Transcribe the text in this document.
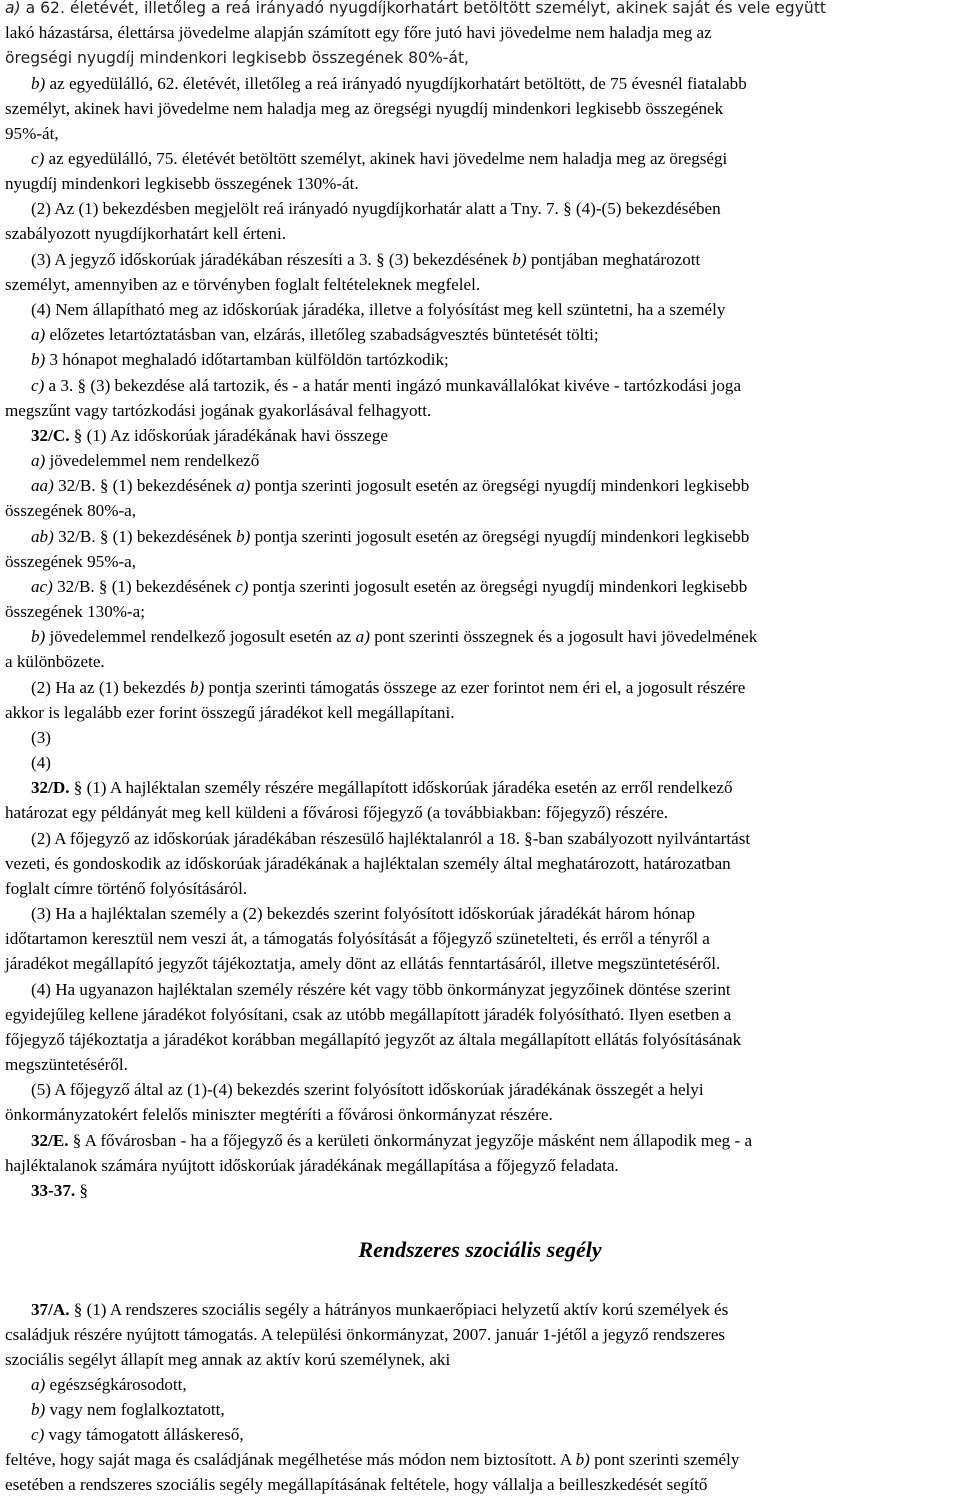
a) a 62. életévét, illetőleg a reá irányadó nyugdíjkorhatárt betöltött személyt, akinek saját és vele együtt
lakó házastársa, élettársa jövedelme alapján számított egy főre jutó havi jövedelme nem haladja meg az
öregségi nyugdíj mindenkori legkisebb összegének 80%-át,
b) az egyedülálló, 62. életévét, illetőleg a reá irányadó nyugdíjkorhatárt betöltött, de 75 évesnél fiatalabb
személyt, akinek havi jövedelme nem haladja meg az öregségi nyugdíj mindenkori legkisebb összegének
95%-át,
c) az egyedülálló, 75. életévét betöltött személyt, akinek havi jövedelme nem haladja meg az öregségi
nyugdíj mindenkori legkisebb összegének 130%-át.
(2) Az (1) bekezdésben megjelölt reá irányadó nyugdíjkorhatár alatt a Tny. 7. § (4)-(5) bekezdésében
szabályozott nyugdíjkorhatárt kell érteni.
(3) A jegyző időskorúak járadékában részesíti a 3. § (3) bekezdésének b) pontjában meghatározott
személyt, amennyiben az e törvényben foglalt feltételeknek megfelel.
(4) Nem állapítható meg az időskorúak járadéka, illetve a folyósítást meg kell szüntetni, ha a személy
a) előzetes letartóztatásban van, elzárás, illetőleg szabadságvesztés büntetését tölti;
b) 3 hónapot meghaladó időtartamban külföldön tartózkodik;
c) a 3. § (3) bekezdése alá tartozik, és - a határ menti ingázó munkavállalókat kivéve - tartózkodási joga
megszűnt vagy tartózkodási jogának gyakorlásával felhagyott.
32/C. § (1) Az időskorúak járadékának havi összege
a) jövedelemmel nem rendelkező
aa) 32/B. § (1) bekezdésének a) pontja szerinti jogosult esetén az öregségi nyugdíj mindenkori legkisebb
összegének 80%-a,
ab) 32/B. § (1) bekezdésének b) pontja szerinti jogosult esetén az öregségi nyugdíj mindenkori legkisebb
összegének 95%-a,
ac) 32/B. § (1) bekezdésének c) pontja szerinti jogosult esetén az öregségi nyugdíj mindenkori legkisebb
összegének 130%-a;
b) jövedelemmel rendelkező jogosult esetén az a) pont szerinti összegnek és a jogosult havi jövedelmének
a különbözete.
(2) Ha az (1) bekezdés b) pontja szerinti támogatás összege az ezer forintot nem éri el, a jogosult részére
akkor is legalább ezer forint összegű járadékot kell megállapítani.
(3)
(4)
32/D. § (1) A hajléktalan személy részére megállapított időskorúak járadéka esetén az erről rendelkező
határozat egy példányát meg kell küldeni a fővárosi főjegyző (a továbbiakban: főjegyző) részére.
(2) A főjegyző az időskorúak járadékában részesülő hajléktalanról a 18. §-ban szabályozott nyilvántartást
vezeti, és gondoskodik az időskorúak járadékának a hajléktalan személy által meghatározott, határozatban
foglalt címre történő folyósításáról.
(3) Ha a hajléktalan személy a (2) bekezdés szerint folyósított időskorúak járadékát három hónap
időtartamon keresztül nem veszi át, a támogatás folyósítását a főjegyző szünetelteti, és erről a tényről a
járadékot megállapító jegyzőt tájékoztatja, amely dönt az ellátás fenntartásáról, illetve megszüntetéséről.
(4) Ha ugyanazon hajléktalan személy részére két vagy több önkormányzat jegyzőinek döntése szerint
egyidejűleg kellene járadékot folyósítani, csak az utóbb megállapított járadék folyósítható. Ilyen esetben a
főjegyző tájékoztatja a járadékot korábban megállapító jegyzőt az általa megállapított ellátás folyósításának
megszüntetéséről.
(5) A főjegyző által az (1)-(4) bekezdés szerint folyósított időskorúak járadékának összegét a helyi
önkormányzatokért felelős miniszter megtéríti a fővárosi önkormányzat részére.
32/E. § A fővárosban - ha a főjegyző és a kerületi önkormányzat jegyzője másként nem állapodik meg - a
hajléktalanok számára nyújtott időskorúak járadékának megállapítása a főjegyző feladata.
33-37. §
Rendszeres szociális segély
37/A. § (1) A rendszeres szociális segély a hátrányos munkaerőpiaci helyzetű aktív korú személyek és
családjuk részére nyújtott támogatás. A települési önkormányzat, 2007. január 1-jétől a jegyző rendszeres
szociális segélyt állapít meg annak az aktív korú személynek, aki
a) egészségkárosodott,
b) vagy nem foglalkoztatott,
c) vagy támogatott álláskereső,
feltéve, hogy saját maga és családjának megélhetése más módon nem biztosított. A b) pont szerinti személy
esetében a rendszeres szociális segély megállapításának feltétele, hogy vállalja a beilleszkedését segítő
